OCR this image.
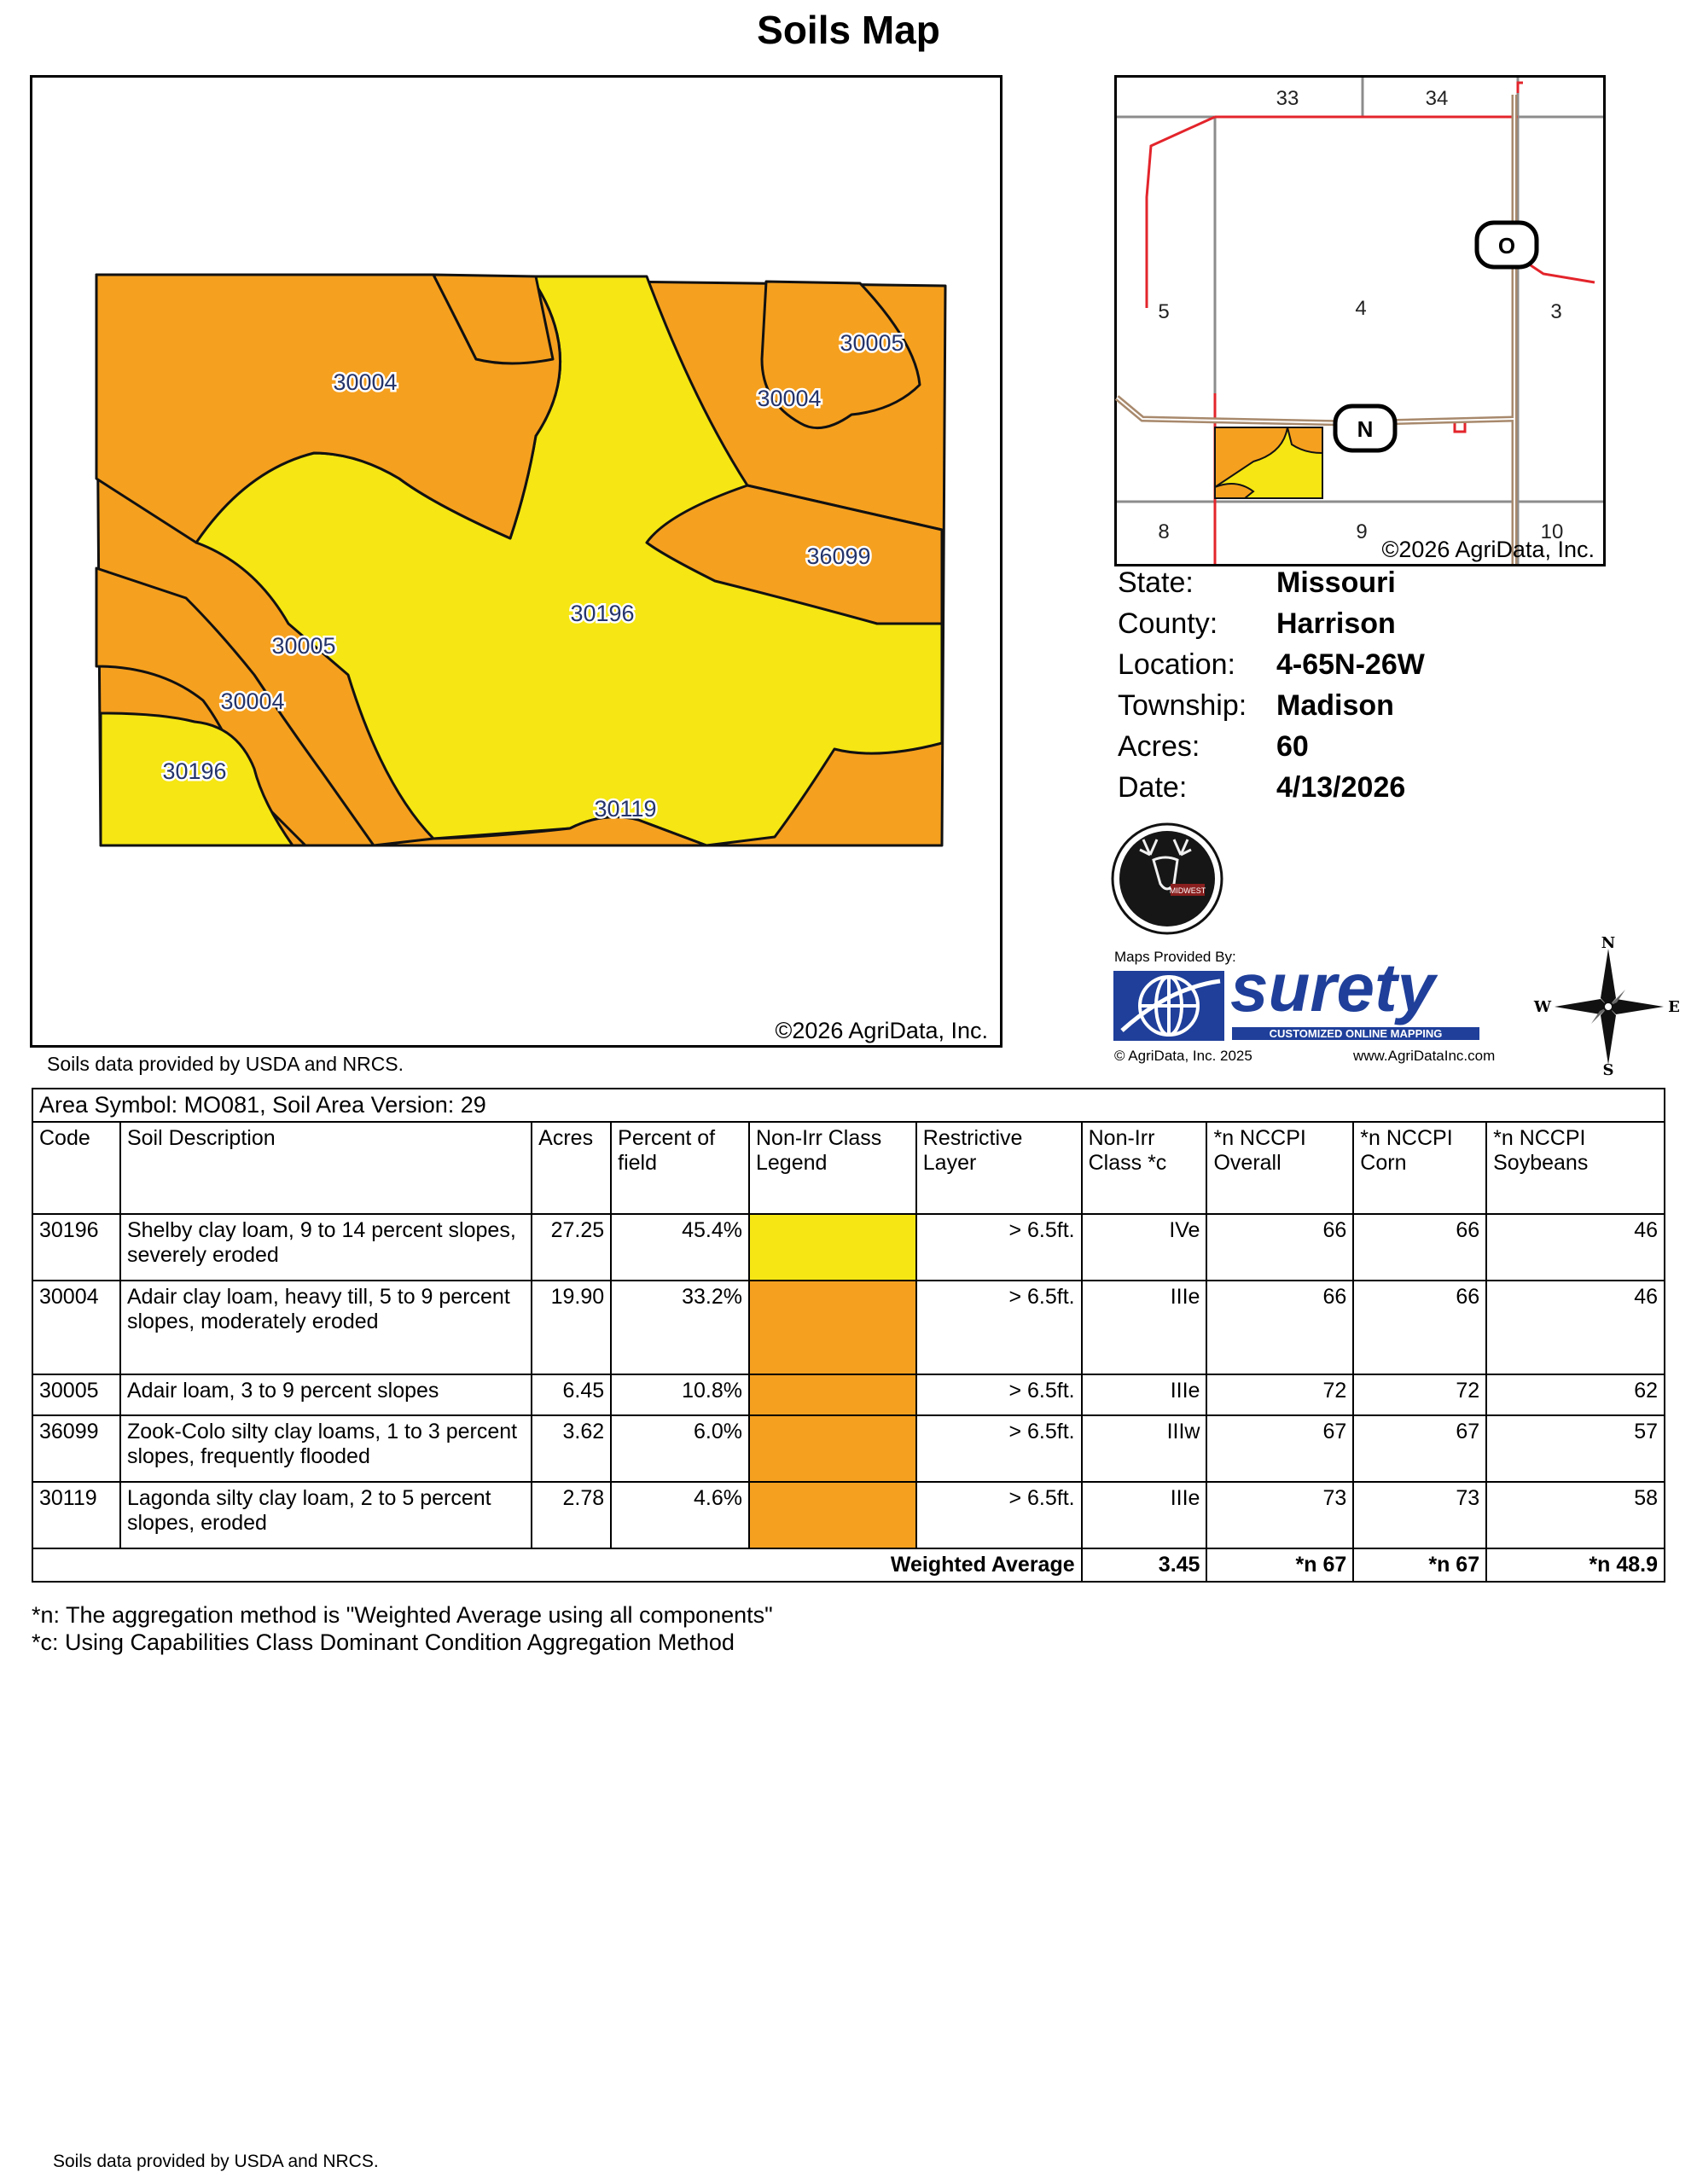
Soils Map
30004
30005
30004
36099
30196
30005
30004
30196
30119
©2026 AgriData, Inc.
Soils data provided by USDA and NRCS.
O
N
33	34
5	4	3
8	9	10
©2026 AgriData, Inc.
State:	Missouri
County: Harrison
Location: 4-65N-26W
Township: Madison
Acres:	60
Date:	4/13/2026
MIDWEST
Maps Provided By:
surety
CUSTOMIZED ONLINE MAPPING
© AgriData, Inc. 2025	www.AgriDataInc.com
N
S
W	E
Area Symbol: MO081, Soil Area Version: 29									
Code	Soil Description	Acres	Percent of field	Non-Irr Class Legend	Restrictive Layer	Non-Irr Class *c	*n NCCPI Overall	*n NCCPI Corn	*n NCCPI Soybeans
30196	Shelby clay loam, 9 to 14 percent slopes, severely eroded	27.25	45.4%		> 6.5ft.	IVe	66	66	46
30004	Adair clay loam, heavy till, 5 to 9 percent slopes, moderately eroded	19.90	33.2%		> 6.5ft.	IIIe	66	66	46
30005	Adair loam, 3 to 9 percent slopes	6.45	10.8%		> 6.5ft.	IIIe	72	72	62
36099	Zook-Colo silty clay loams, 1 to 3 percent slopes, frequently flooded	3.62	6.0%		> 6.5ft.	IIIw	67	67	57
30119	Lagonda silty clay loam, 2 to 5 percent slopes, eroded	2.78	4.6%		> 6.5ft.	IIIe	73	73	58
Weighted Average						3.45	*n 67	*n 67	*n 48.9
*n: The aggregation method is "Weighted Average using all components"
*c: Using Capabilities Class Dominant Condition Aggregation Method
Soils data provided by USDA and NRCS.
